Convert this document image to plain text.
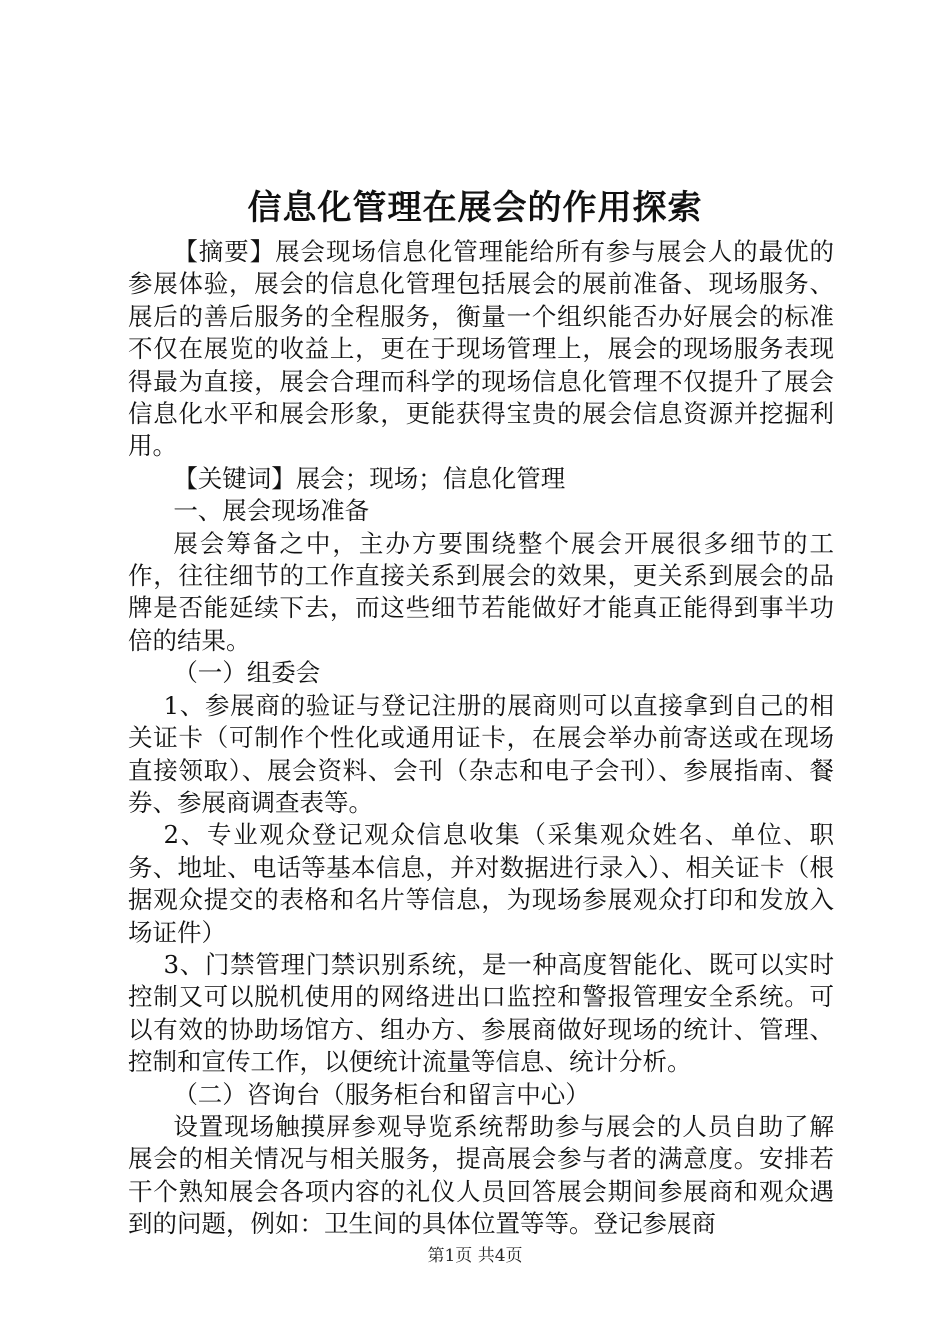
信息化管理在展会的作用探索

【摘要】展会现场信息化管理能给所有参与展会人的最优的参展体验，展会的信息化管理包括展会的展前准备、现场服务、展后的善后服务的全程服务，衡量一个组织能否办好展会的标准不仅在展览的收益上，更在于现场管理上，展会的现场服务表现得最为直接，展会合理而科学的现场信息化管理不仅提升了展会信息化水平和展会形象，更能获得宝贵的展会信息资源并挖掘利用。

【关键词】展会；现场；信息化管理

一、展会现场准备

展会筹备之中，主办方要围绕整个展会开展很多细节的工作，往往细节的工作直接关系到展会的效果，更关系到展会的品牌是否能延续下去，而这些细节若能做好才能真正能得到事半功倍的结果。

（一）组委会

1、参展商的验证与登记注册的展商则可以直接拿到自己的相关证卡（可制作个性化或通用证卡，在展会举办前寄送或在现场直接领取）、展会资料、会刊（杂志和电子会刊）、参展指南、餐券、参展商调查表等。

2、专业观众登记观众信息收集（采集观众姓名、单位、职务、地址、电话等基本信息，并对数据进行录入）、相关证卡（根据观众提交的表格和名片等信息，为现场参展观众打印和发放入场证件）

3、门禁管理门禁识别系统，是一种高度智能化、既可以实时控制又可以脱机使用的网络进出口监控和警报管理安全系统。可以有效的协助场馆方、组办方、参展商做好现场的统计、管理、控制和宣传工作，以便统计流量等信息、统计分析。

（二）咨询台（服务柜台和留言中心）

设置现场触摸屏参观导览系统帮助参与展会的人员自助了解展会的相关情况与相关服务，提高展会参与者的满意度。安排若干个熟知展会各项内容的礼仪人员回答展会期间参展商和观众遇到的问题，例如：卫生间的具体位置等等。登记参展商

第1页 共4页
